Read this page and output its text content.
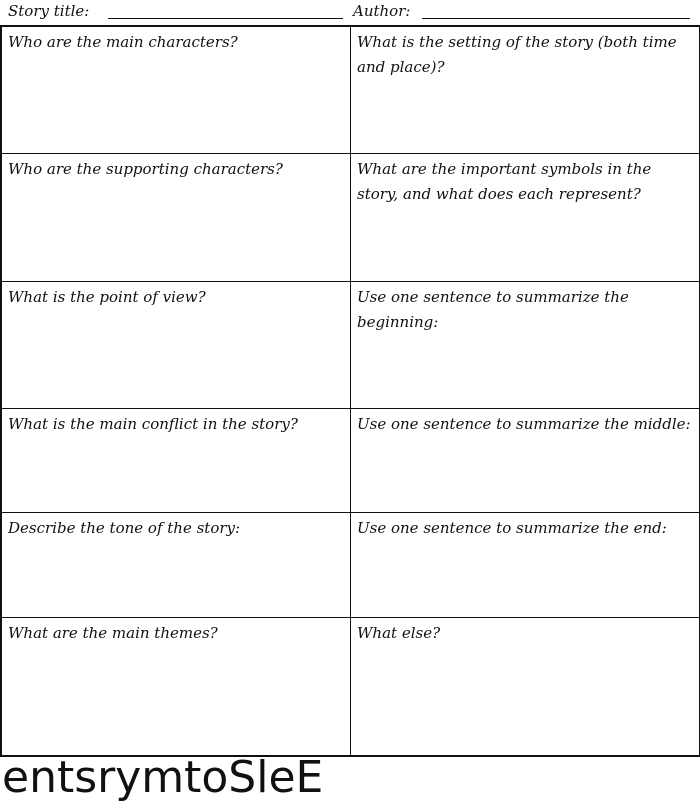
Story title:	Author:
Who are the main characters?	What is the setting of the story (both time and place)?
Who are the supporting characters?	What are the important symbols in the story, and what does each represent?
What is the point of view?	Use one sentence to summarize the beginning:
What is the main conflict in the story?	Use one sentence to summarize the middle:
Describe the tone of the story:	Use one sentence to summarize the end:
What are the main themes?	What else?
entsrymtoSleE
